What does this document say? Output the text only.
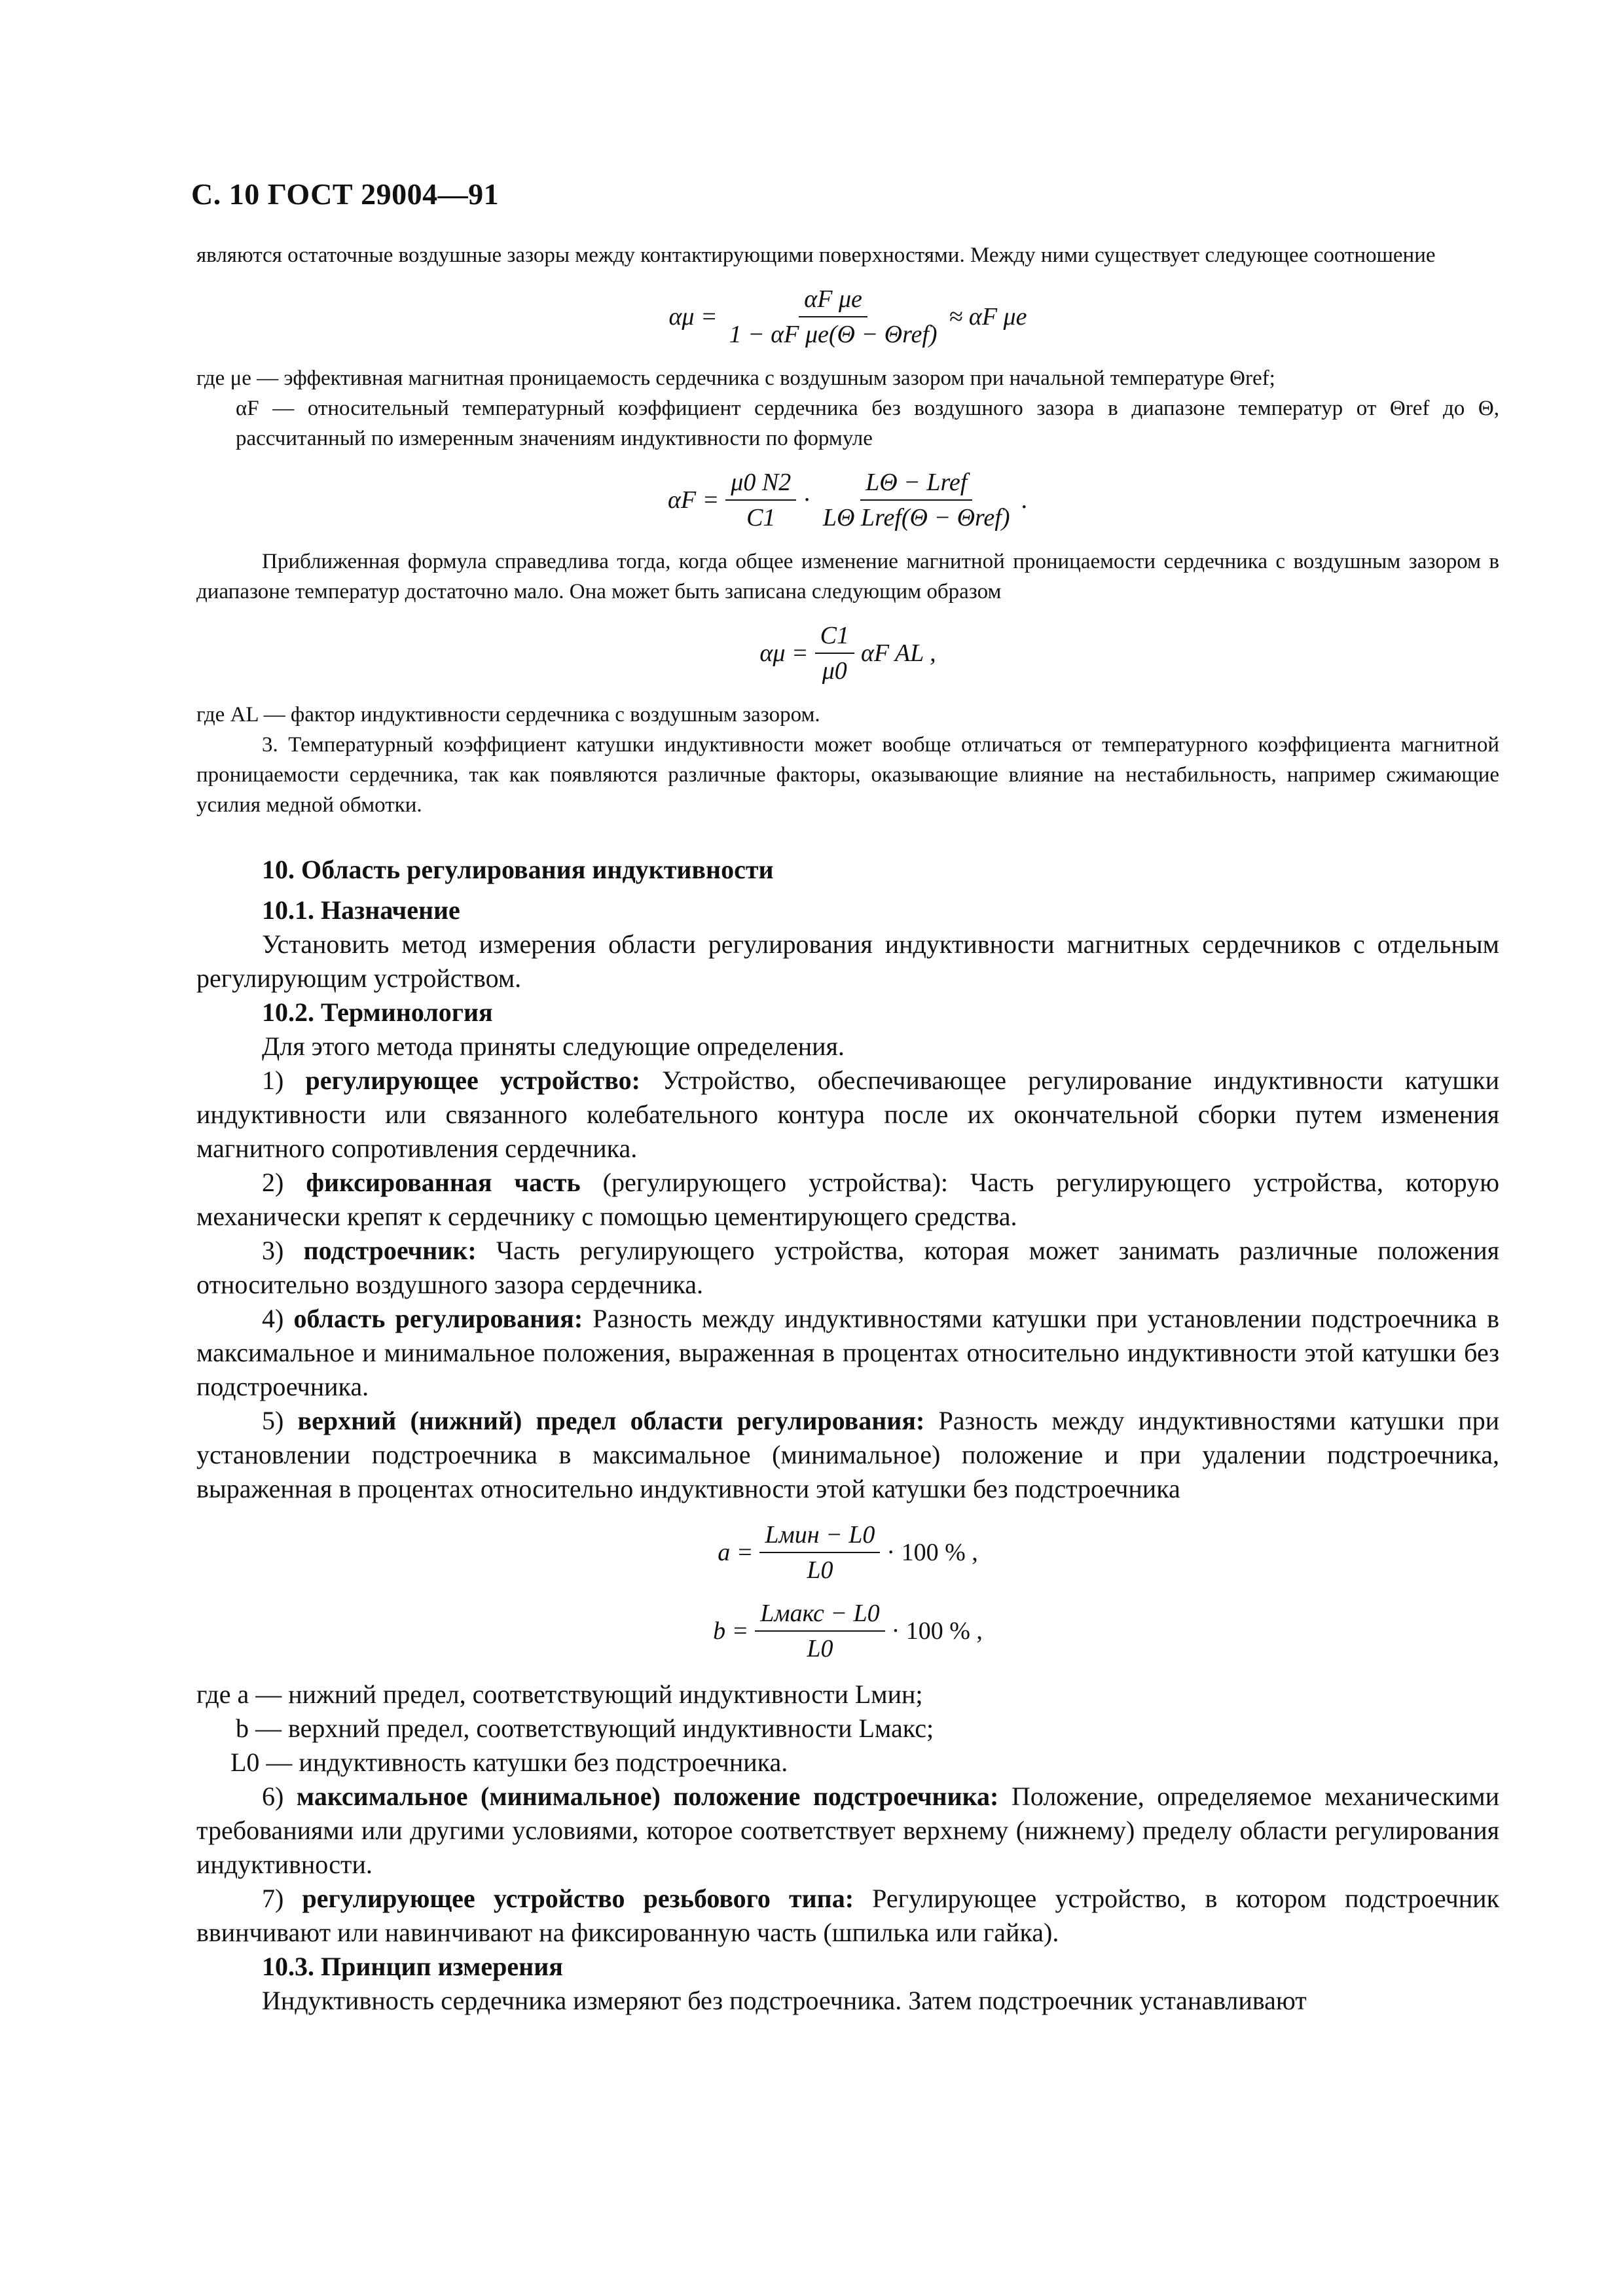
С. 10 ГОСТ 29004—91

являются остаточные воздушные зазоры между контактирующими поверхностями. Между ними существует следующее соотношение

$\alpha\mu = \frac{\text{αF μe}}{\text{1 − αF μe(Θ − Θref)}} \approx \alpha F$ μe

где μe — эффективная магнитная проницаемость сердечника с воздушным зазором при начальной температуре Θref;

αF — относительный температурный коэффициент сердечника без воздушного зазора в диапазоне температур от Θref до Θ, рассчитанный по измеренным значениям индуктивности по формуле

$\alpha F = \frac{\mu 0 N2}{C1} \cdot \frac{\text{LΘ − Lref}}{\text{LΘ Lref(Θ − Θref)}}$ .

Приближенная формула справедлива тогда, когда общее изменение магнитной проницаемости сердечника с воздушным зазором в диапазоне температур достаточно мало. Она может быть записана следующим образом

$\alpha\mu = \frac{C1}{\mu 0}$ αF AL ,

где AL — фактор индуктивности сердечника с воздушным зазором.

3. Температурный коэффициент катушки индуктивности может вообще отличаться от температурного коэффициента магнитной проницаемости сердечника, так как появляются различные факторы, оказывающие влияние на нестабильность, например сжимающие усилия медной обмотки.

10. Область регулирования индуктивности
10.1. Назначение

Установить метод измерения области регулирования индуктивности магнитных сердечников с отдельным регулирующим устройством.

10.2. Терминология

Для этого метода приняты следующие определения.

1) регулирующее устройство: Устройство, обеспечивающее регулирование индуктивности катушки индуктивности или связанного колебательного контура после их окончательной сборки путем изменения магнитного сопротивления сердечника.

2) фиксированная часть (регулирующего устройства): Часть регулирующего устройства, которую механически крепят к сердечнику с помощью цементирующего средства.

3) подстроечник: Часть регулирующего устройства, которая может занимать различные положения относительно воздушного зазора сердечника.

4) область регулирования: Разность между индуктивностями катушки при установлении подстроечника в максимальное и минимальное положения, выраженная в процентах относительно индуктивности этой катушки без подстроечника.

5) верхний (нижний) предел области регулирования: Разность между индуктивностями катушки при установлении подстроечника в максимальное (минимальное) положение и при удалении подстроечника, выраженная в процентах относительно индуктивности этой катушки без подстроечника

$a = \frac{\text{Lмин − L0}}{L0} \cdot 100$ % ,
$b = \frac{\text{Lмакс − L0}}{L0} \cdot 100$ % ,

где a — нижний предел, соответствующий индуктивности Lмин;

b — верхний предел, соответствующий индуктивности Lмакс;

L0 — индуктивность катушки без подстроечника.

6) максимальное (минимальное) положение подстроечника: Положение, определяемое механическими требованиями или другими условиями, которое соответствует верхнему (нижнему) пределу области регулирования индуктивности.

7) регулирующее устройство резьбового типа: Регулирующее устройство, в котором подстроечник ввинчивают или навинчивают на фиксированную часть (шпилька или гайка).

10.3. Принцип измерения

Индуктивность сердечника измеряют без подстроечника. Затем подстроечник устанавливают
